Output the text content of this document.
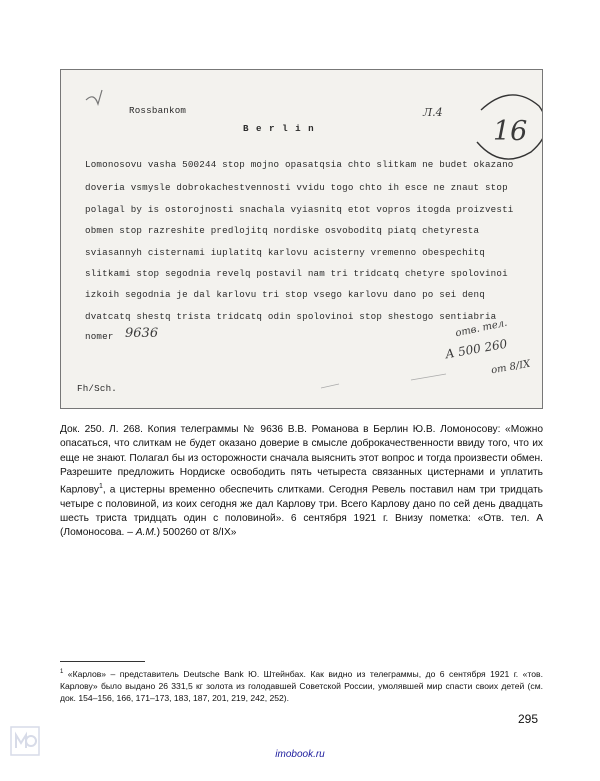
Rossbankom
B e r l i n
Lomonosovu vasha 500244 stop mojno opasatqsia chto slitkam ne budet okazano
doveria vsmysle dobrokachestvennosti vvidu togo chto ih esce ne znaut stop
polagal by is ostorojnosti snachala vyiasnitq etot vopros itogda proizvesti
obmen stop razreshite predlojitq nordiske osvoboditq piatq chetyresta
sviasannyh cisternami iuplatitq karlovu acisterny vremenno obespechitq
slitkami stop segodnia revelq postavil nam tri tridcatq chetyre spolovinoi
izkoih segodnia je dal karlovu tri stop vsego karlovu dano po sei denq
dvatcatq shestq trista tridcatq odin spolovinoi stop shestogo sentiabria
nomer 9636
Fh/Sch.
Л.4
16
отв. тел.
А 500 260
от 8/IX
Док. 250. Л. 268. Копия телеграммы № 9636 В.В. Романова в Берлин Ю.В. Ломоносову: «Можно опасаться, что слиткам не будет оказано доверие в смысле доброкачественности ввиду того, что их еще не знают. Полагал бы из осторожности сначала выяснить этот вопрос и тогда произвести обмен. Разрешите предложить Нордиске освободить пять четыреста связанных цистернами и уплатить Карлову$^1$, а цистерны временно обеспечить слитками. Сегодня Ревель поставил нам три тридцать четыре с половиной, из коих сегодня же дал Карлову три. Всего Карлову дано по сей день двадцать шесть триста тридцать один с половиной». 6 сентября 1921 г. Внизу пометка: «Отв. тел. А (Ломоносова. – А.М.) 500260 от 8/IX»
$^1$ «Карлов» – представитель Deutsche Bank Ю. Штейнбах. Как видно из телеграммы, до 6 сентября 1921 г. «тов. Карлову» было выдано 26 331,5 кг золота из голодавшей Советской России, умолявшей мир спасти своих детей (см. док. 154–156, 166, 171–173, 183, 187, 201, 219, 242, 252).
295
imobook.ru
